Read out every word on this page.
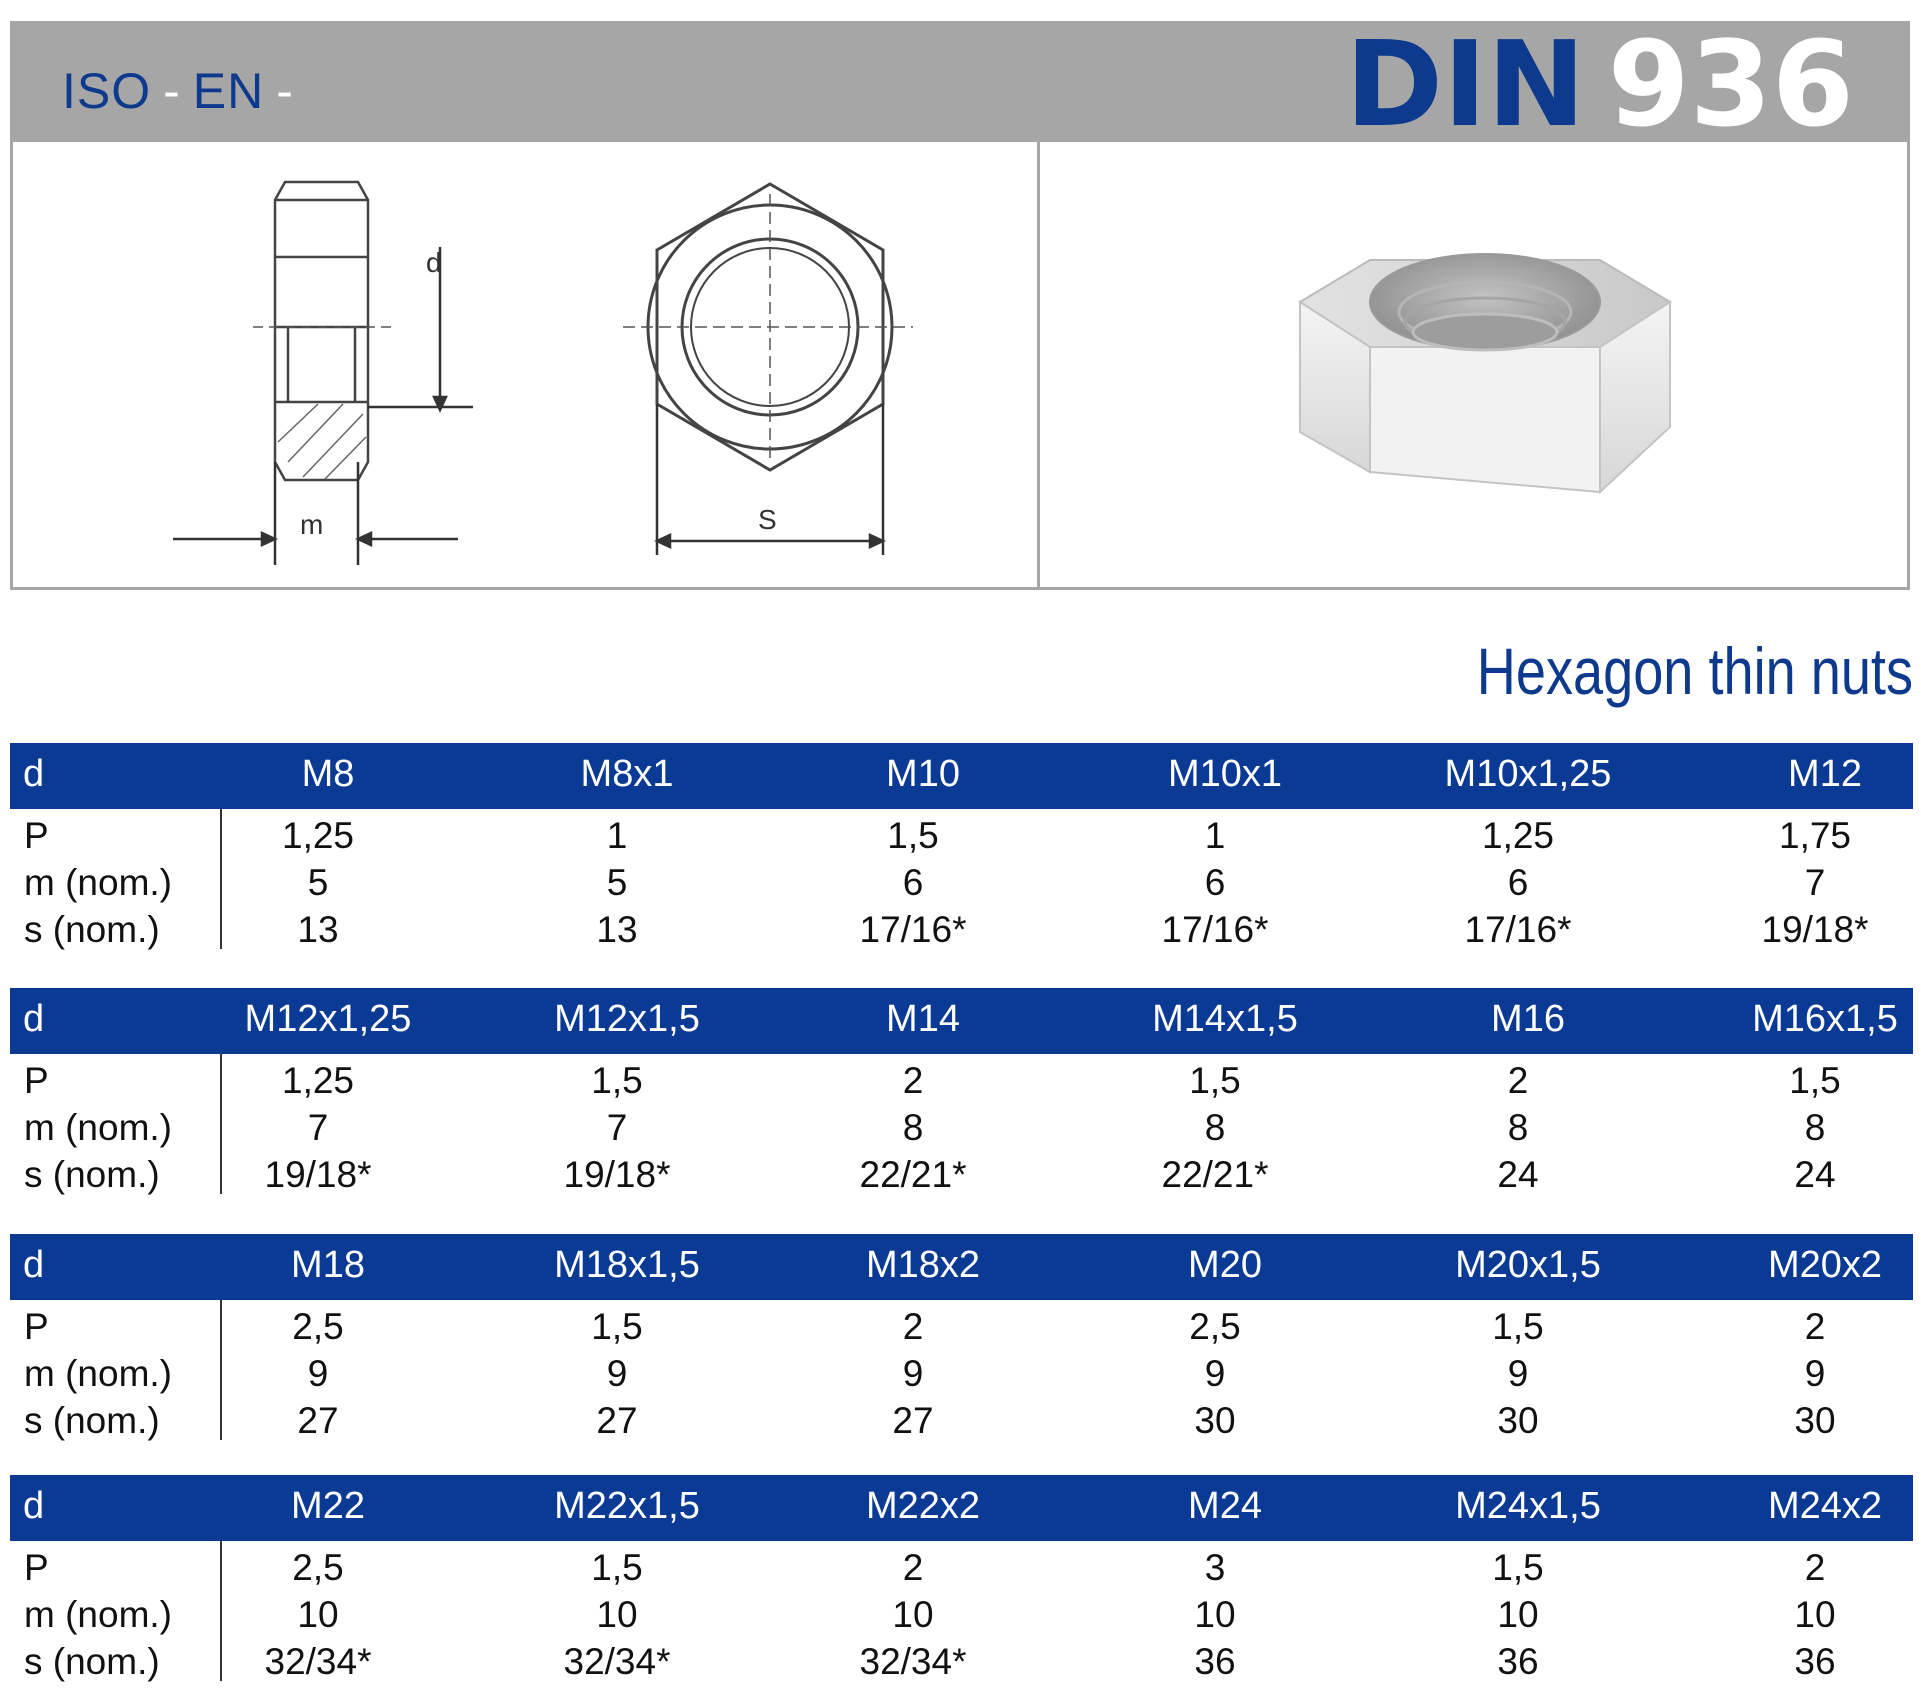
ISO - EN -	DIN 936
d
m	S
Hexagon thin nuts
d	M8	M8x1	M10	M10x1	M10x1,25	M12
P	1,25	1	1,5	1	1,25	1,75
m (nom.)	5	5	6	6	6	7
s (nom.)	13	13	17/16*	17/16*	17/16*	19/18*
d	M12x1,25	M12x1,5	M14	M14x1,5	M16	M16x1,5
P	1,25	1,5	2	1,5	2	1,5
m (nom.)	7	7	8	8	8	8
s (nom.)	19/18*	19/18*	22/21*	22/21*	24	24
d	M18	M18x1,5	M18x2	M20	M20x1,5	M20x2
P	2,5	1,5	2	2,5	1,5	2
m (nom.)	9	9	9	9	9	9
s (nom.)	27	27	27	30	30	30
d	M22	M22x1,5	M22x2	M24	M24x1,5	M24x2
P	2,5	1,5	2	3	1,5	2
m (nom.)	10	10	10	10	10	10
s (nom.)	32/34*	32/34*	32/34*	36	36	36
